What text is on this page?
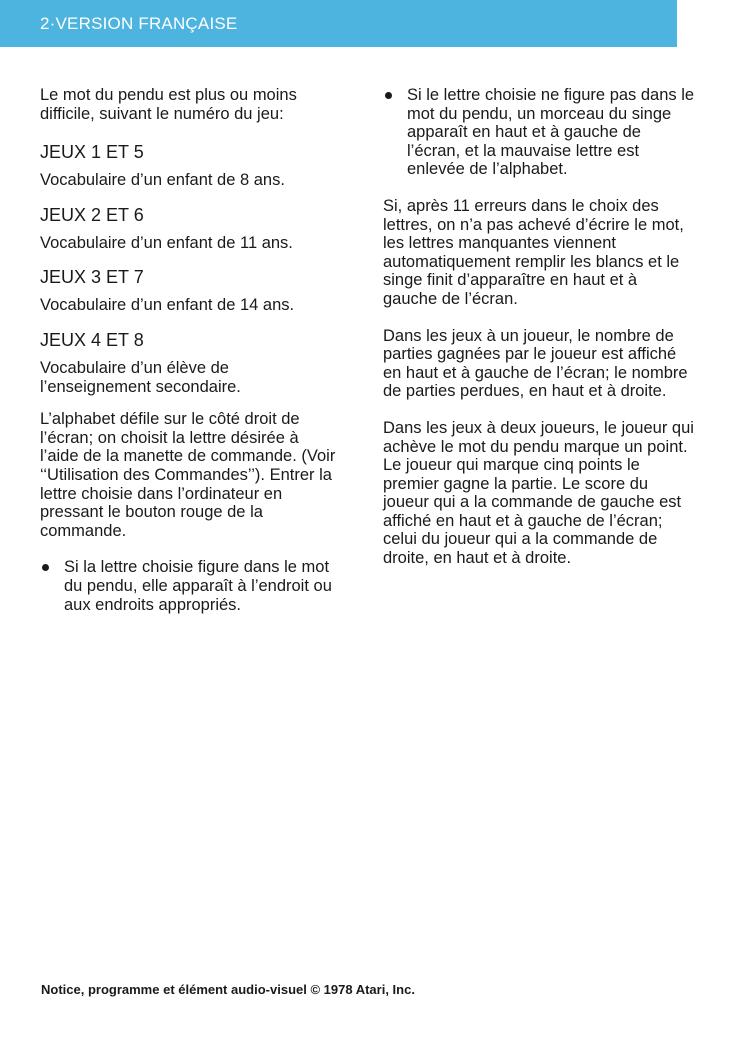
2·VERSION FRANÇAISE

Le mot du pendu est plus ou moins difficile, suivant le numéro du jeu:

JEUX 1 ET 5

Vocabulaire d’un enfant de 8 ans.

JEUX 2 ET 6

Vocabulaire d’un enfant de 11 ans.

JEUX 3 ET 7

Vocabulaire d’un enfant de 14 ans.

JEUX 4 ET 8

Vocabulaire d’un élève de l’enseignement secondaire.

L’alphabet défile sur le côté droit de l’écran; on choisit la lettre désirée à l’aide de la manette de commande. (Voir ‘‘Utilisation des Commandes’’). Entrer la lettre choisie dans l’ordinateur en pressant le bouton rouge de la commande.

Si la lettre choisie figure dans le mot du pendu, elle apparaît à l’endroit ou aux endroits appropriés.
Si le lettre choisie ne figure pas dans le mot du pendu, un morceau du singe apparaît en haut et à gauche de l’écran, et la mauvaise lettre est enlevée de l’alphabet.

Si, après 11 erreurs dans le choix des lettres, on n’a pas achevé d’écrire le mot, les lettres manquantes viennent automatiquement remplir les blancs et le singe finit d’apparaître en haut et à gauche de l’écran.

Dans les jeux à un joueur, le nombre de parties gagnées par le joueur est affiché en haut et à gauche de l’écran; le nombre de parties perdues, en haut et à droite.

Dans les jeux à deux joueurs, le joueur qui achève le mot du pendu marque un point. Le joueur qui marque cinq points le premier gagne la partie. Le score du joueur qui a la commande de gauche est affiché en haut et à gauche de l’écran; celui du joueur qui a la commande de droite, en haut et à droite.

Notice, programme et élément audio-visuel © 1978 Atari, Inc.
